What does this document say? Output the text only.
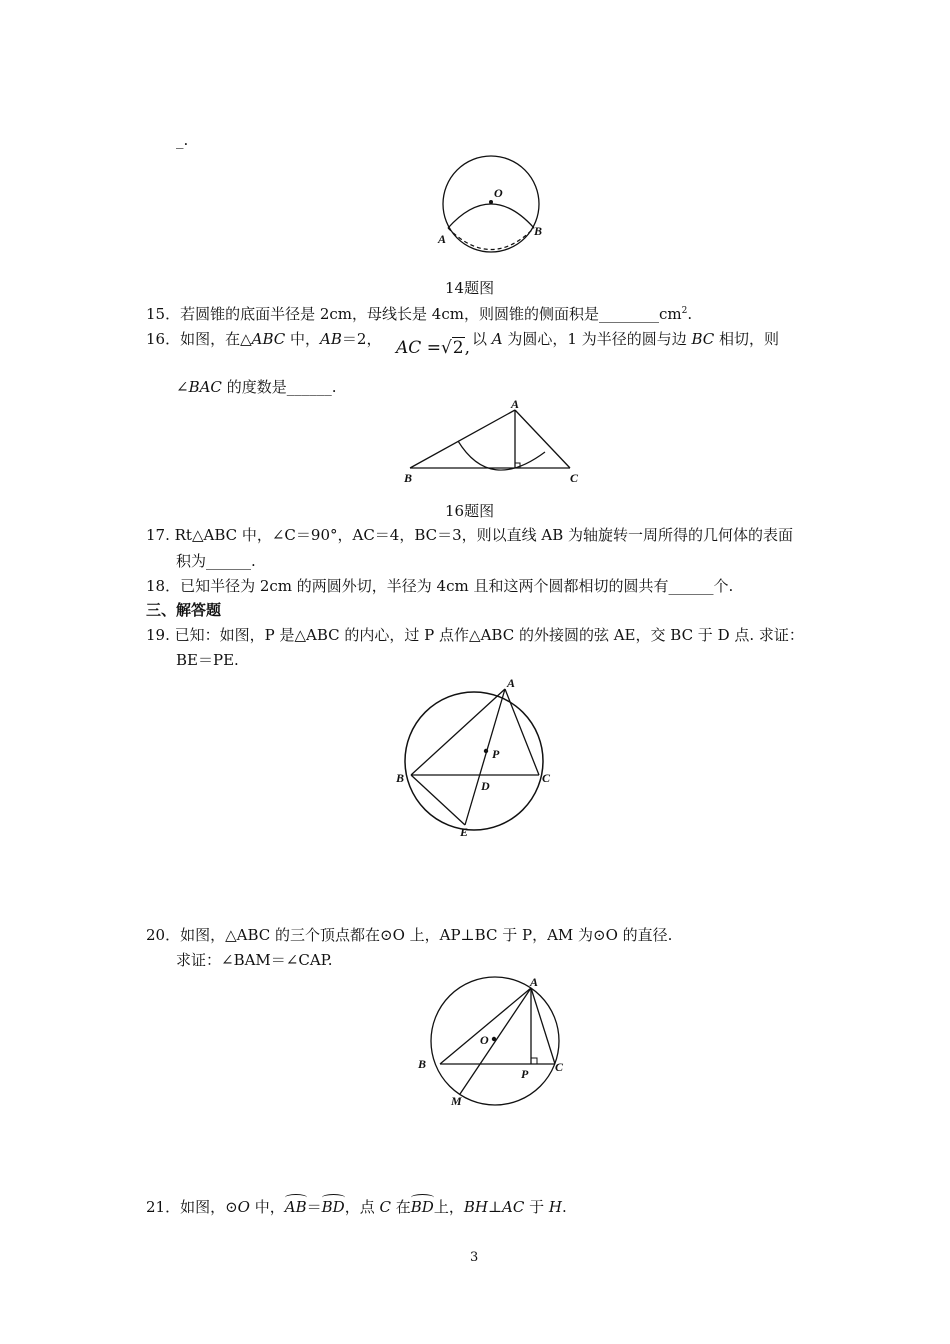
_.
O
A
B
14题图
15．若圆锥的底面半径是 2cm，母线长是 4cm，则圆锥的侧面积是$\_\_\_\_\_\_\_\_cm^2$.
16．如图，在△ABC 中，AB＝2， AC =√2, 以 A 为圆心，1 为半径的圆与边 BC 相切，则
∠BAC 的度数是______.
A
B	C
16题图
17. Rt△ABC 中，∠C＝90°，AC＝4，BC＝3，则以直线 AB 为轴旋转一周所得的几何体的表面
积为______.
18．已知半径为 2cm 的两圆外切，半径为 4cm 且和这两个圆都相切的圆共有______个.
三、解答题
19. 已知：如图，P 是△ABC 的内心，过 P 点作△ABC 的外接圆的弦 AE，交 BC 于 D 点. 求证：
BE＝PE.
A
P
B	C
D
E
20．如图，△ABC 的三个顶点都在⊙O 上，AP⊥BC 于 P，AM 为⊙O 的直径.
求证：∠BAM＝∠CAP.
A
O
B
P C
M
21．如图，⊙O 中，AB＝BD，点 C 在BD上，BH⊥AC 于 H.
3
